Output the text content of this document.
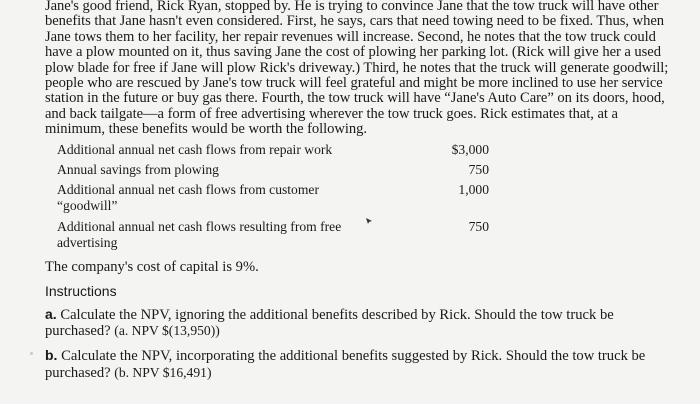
Jane's good friend, Rick Ryan, stopped by. He is trying to convince Jane that the tow truck will have other benefits that Jane hasn't even considered. First, he says, cars that need towing need to be fixed. Thus, when Jane tows them to her facility, her repair revenues will increase. Second, he notes that the tow truck could have a plow mounted on it, thus saving Jane the cost of plowing her parking lot. (Rick will give her a used plow blade for free if Jane will plow Rick's driveway.) Third, he notes that the truck will generate goodwill; people who are rescued by Jane's tow truck will feel grateful and might be more inclined to use her service station in the future or buy gas there. Fourth, the tow truck will have “Jane's Auto Care” on its doors, hood, and back tailgate—a form of free advertising wherever the tow truck goes. Rick estimates that, at a minimum, these benefits would be worth the following.

Additional annual net cash flows from repair work	$3,000
Annual savings from plowing	750
Additional annual net cash flows from customer “goodwill”
1,000
Additional annual net cash flows resulting from free advertising
750

The company's cost of capital is 9%.

Instructions

a. Calculate the NPV, ignoring the additional benefits described by Rick. Should the tow truck be purchased? (a. NPV $(13,950))

b. Calculate the NPV, incorporating the additional benefits suggested by Rick. Should the tow truck be purchased? (b. NPV $16,491)
